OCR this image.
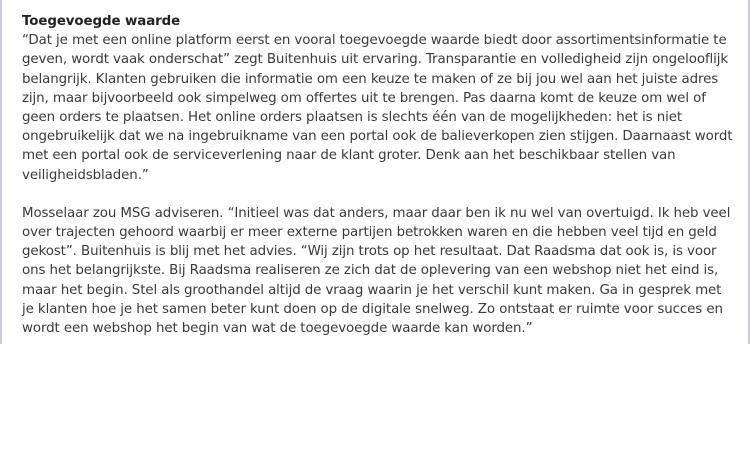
Toegevoegde waarde

“Dat je met een online platform eerst en vooral toegevoegde waarde biedt door assortimentsinformatie te geven, wordt vaak onderschat” zegt Buitenhuis uit ervaring. Transparantie en volledigheid zijn ongelooflijk belangrijk. Klanten gebruiken die informatie om een keuze te maken of ze bij jou wel aan het juiste adres zijn, maar bijvoorbeeld ook simpelweg om offertes uit te brengen. Pas daarna komt de keuze om wel of geen orders te plaatsen. Het online orders plaatsen is slechts één van de mogelijkheden: het is niet ongebruikelijk dat we na ingebruikname van een portal ook de balieverkopen zien stijgen. Daarnaast wordt met een portal ook de serviceverlening naar de klant groter. Denk aan het beschikbaar stellen van veiligheidsbladen.”

Mosselaar zou MSG adviseren. “Initieel was dat anders, maar daar ben ik nu wel van overtuigd. Ik heb veel over trajecten gehoord waarbij er meer externe partijen betrokken waren en die hebben veel tijd en geld gekost”. Buitenhuis is blij met het advies. “Wij zijn trots op het resultaat. Dat Raadsma dat ook is, is voor ons het belangrijkste. Bij Raadsma realiseren ze zich dat de oplevering van een webshop niet het eind is, maar het begin. Stel als groothandel altijd de vraag waarin je het verschil kunt maken. Ga in gesprek met je klanten hoe je het samen beter kunt doen op de digitale snelweg. Zo ontstaat er ruimte voor succes en wordt een webshop het begin van wat de toegevoegde waarde kan worden.”
